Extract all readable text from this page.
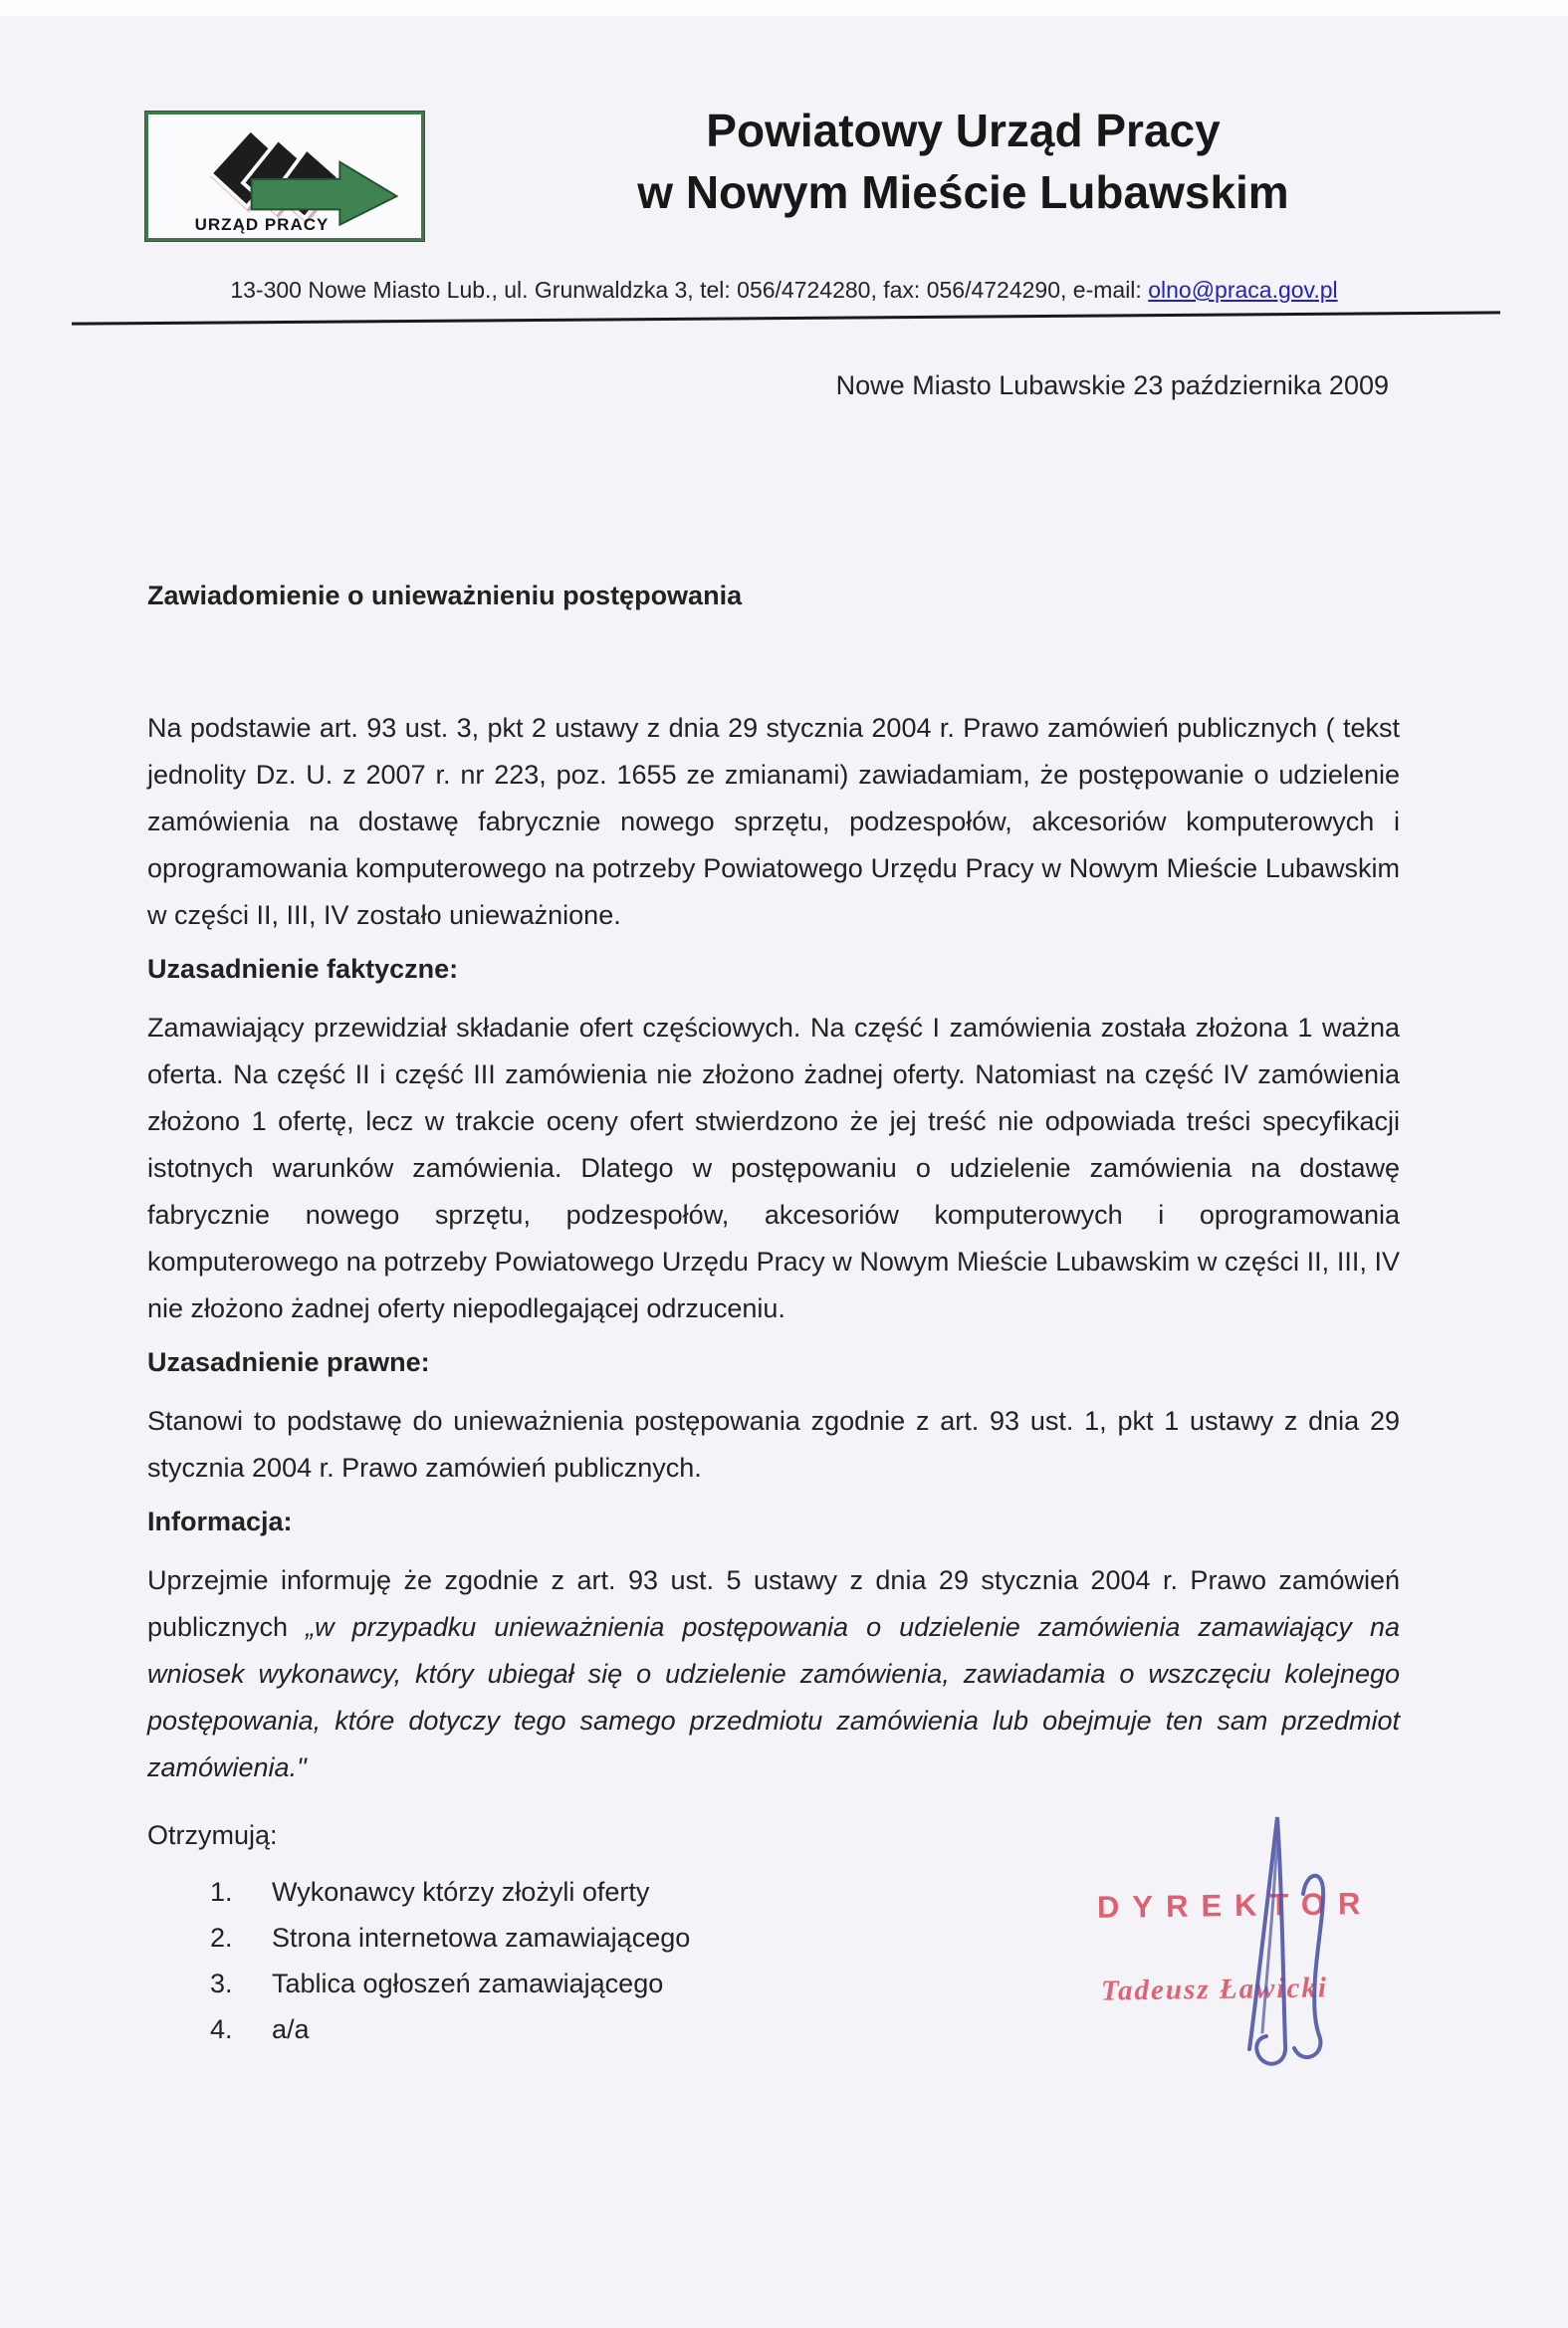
URZĄD PRACY
Powiatowy Urząd Pracy
w Nowym Mieście Lubawskim
13-300 Nowe Miasto Lub., ul. Grunwaldzka 3, tel: 056/4724280, fax: 056/4724290, e-mail: olno@praca.gov.pl
Nowe Miasto Lubawskie 23 października 2009
Zawiadomienie o unieważnieniu postępowania

Na podstawie art. 93 ust. 3, pkt 2 ustawy z dnia 29 stycznia 2004 r. Prawo zamówień publicznych ( tekst jednolity Dz. U. z 2007 r. nr 223, poz. 1655 ze zmianami) zawiadamiam, że postępowanie o udzielenie zamówienia na dostawę fabrycznie nowego sprzętu, podzespołów, akcesoriów komputerowych i oprogramowania komputerowego na potrzeby Powiatowego Urzędu Pracy w Nowym Mieście Lubawskim w części II, III, IV zostało unieważnione.

Uzasadnienie faktyczne:

Zamawiający przewidział składanie ofert częściowych. Na część I zamówienia została złożona 1 ważna oferta. Na część II i część III zamówienia nie złożono żadnej oferty. Natomiast na część IV zamówienia złożono 1 ofertę, lecz w trakcie oceny ofert stwierdzono że jej treść nie odpowiada treści specyfikacji istotnych warunków zamówienia. Dlatego w postępowaniu o udzielenie zamówienia na dostawę fabrycznie nowego sprzętu, podzespołów, akcesoriów komputerowych i oprogramowania komputerowego na potrzeby Powiatowego Urzędu Pracy w Nowym Mieście Lubawskim w części II, III, IV nie złożono żadnej oferty niepodlegającej odrzuceniu.

Uzasadnienie prawne:

Stanowi to podstawę do unieważnienia postępowania zgodnie z art. 93 ust. 1, pkt 1 ustawy z dnia 29 stycznia 2004 r. Prawo zamówień publicznych.

Informacja:

Uprzejmie informuję że zgodnie z art. 93 ust. 5 ustawy z dnia 29 stycznia 2004 r. Prawo zamówień publicznych „w przypadku unieważnienia postępowania o udzielenie zamówienia zamawiający na wniosek wykonawcy, który ubiegał się o udzielenie zamówienia, zawiadamia o wszczęciu kolejnego postępowania, które dotyczy tego samego przedmiotu zamówienia lub obejmuje ten sam przedmiot zamówienia."

Otrzymują:
Wykonawcy którzy złożyli oferty
Strona internetowa zamawiającego
Tablica ogłoszeń zamawiającego
a/a
DYREKTOR
Tadeusz Ławicki
